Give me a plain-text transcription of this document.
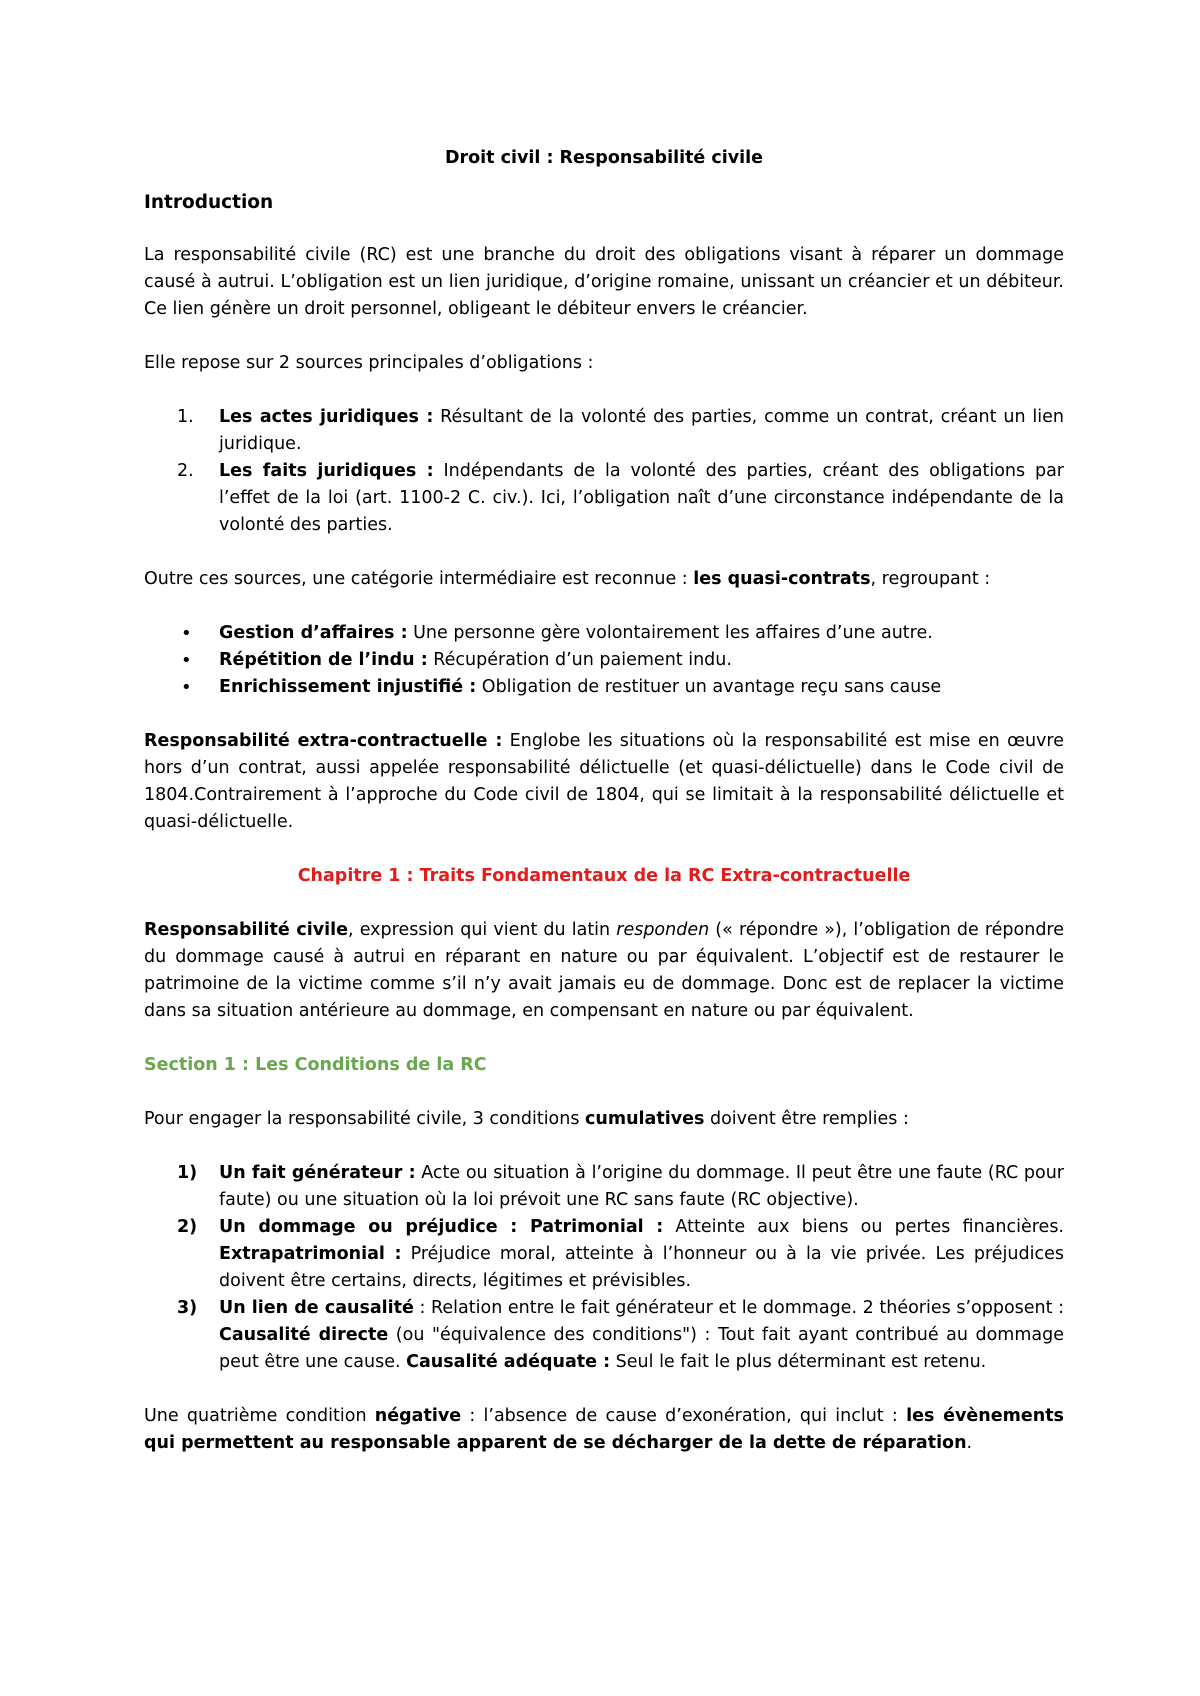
Droit civil : Responsabilité civile

Introduction

La responsabilité civile (RC) est une branche du droit des obligations visant à réparer un dommage causé à autrui. L’obligation est un lien juridique, d’origine romaine, unissant un créancier et un débiteur. Ce lien génère un droit personnel, obligeant le débiteur envers le créancier.

Elle repose sur 2 sources principales d’obligations :

1. Les actes juridiques : Résultant de la volonté des parties, comme un contrat, créant un lien juridique.
2. Les faits juridiques : Indépendants de la volonté des parties, créant des obligations par l’effet de la loi (art. 1100-2 C. civ.). Ici, l’obligation naît d’une circonstance indépendante de la volonté des parties.

Outre ces sources, une catégorie intermédiaire est reconnue : les quasi-contrats, regroupant :

• Gestion d’affaires : Une personne gère volontairement les affaires d’une autre.
• Répétition de l’indu : Récupération d’un paiement indu.
• Enrichissement injustifié : Obligation de restituer un avantage reçu sans cause

Responsabilité extra-contractuelle : Englobe les situations où la responsabilité est mise en œuvre hors d’un contrat, aussi appelée responsabilité délictuelle (et quasi-délictuelle) dans le Code civil de 1804.Contrairement à l’approche du Code civil de 1804, qui se limitait à la responsabilité délictuelle et quasi-délictuelle.

Chapitre 1 : Traits Fondamentaux de la RC Extra-contractuelle

Responsabilité civile, expression qui vient du latin responden (« répondre »), l’obligation de répondre du dommage causé à autrui en réparant en nature ou par équivalent. L’objectif est de restaurer le patrimoine de la victime comme s’il n’y avait jamais eu de dommage. Donc est de replacer la victime dans sa situation antérieure au dommage, en compensant en nature ou par équivalent.

Section 1 : Les Conditions de la RC

Pour engager la responsabilité civile, 3 conditions cumulatives doivent être remplies :

1) Un fait générateur : Acte ou situation à l’origine du dommage. Il peut être une faute (RC pour faute) ou une situation où la loi prévoit une RC sans faute (RC objective).
2) Un dommage ou préjudice : Patrimonial : Atteinte aux biens ou pertes financières. Extrapatrimonial : Préjudice moral, atteinte à l’honneur ou à la vie privée. Les préjudices doivent être certains, directs, légitimes et prévisibles.
3) Un lien de causalité : Relation entre le fait générateur et le dommage. 2 théories s’opposent : Causalité directe (ou "équivalence des conditions") : Tout fait ayant contribué au dommage peut être une cause. Causalité adéquate : Seul le fait le plus déterminant est retenu.

Une quatrième condition négative : l’absence de cause d’exonération, qui inclut : les évènements qui permettent au responsable apparent de se décharger de la dette de réparation.
